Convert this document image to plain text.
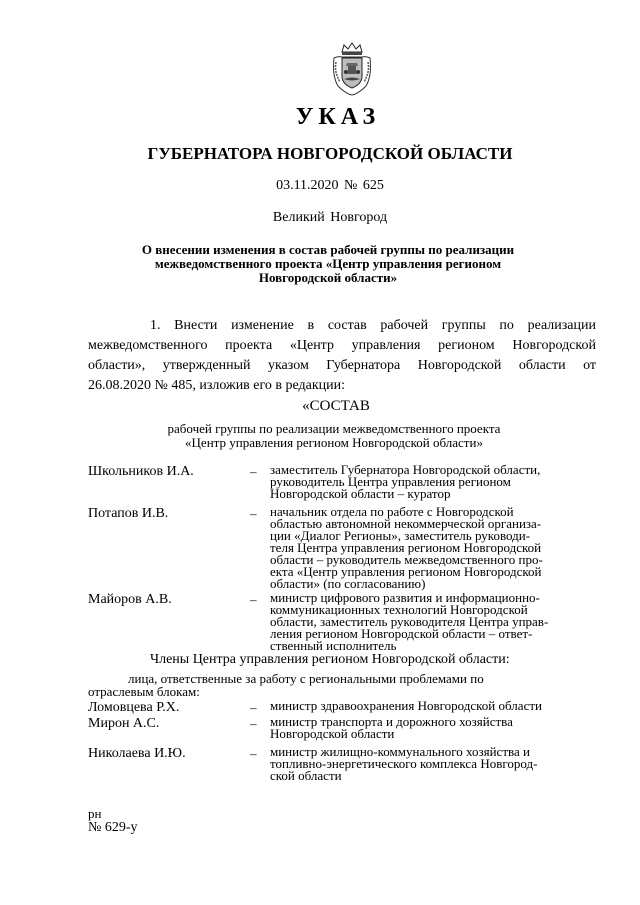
УКАЗ
ГУБЕРНАТОРА НОВГОРОДСКОЙ ОБЛАСТИ
03.11.2020 № 625
Великий Новгород
О внесении изменения в состав рабочей группы по реализации
межведомственного проекта «Центр управления регионом
Новгородской области»
1. Внести изменение в состав рабочей группы по реализации
межведомственного проекта «Центр управления регионом Новгородской
области», утвержденный указом Губернатора Новгородской области от
26.08.2020 № 485, изложив его в редакции:
«СОСТАВ
рабочей группы по реализации межведомственного проекта
«Центр управления регионом Новгородской области»
Школьников И.А.	– заместитель Губернатора Новгородской области,
руководитель Центра управления регионом
Новгородской области – куратор
Потапов И.В.	– начальник отдела по работе с Новгородской
областью автономной некоммерческой организа-
ции «Диалог Регионы», заместитель руководи-
теля Центра управления регионом Новгородской
области – руководитель межведомственного про-
екта «Центр управления регионом Новгородской
области» (по согласованию)
Майоров А.В.	– министр цифрового развития и информационно-
коммуникационных технологий Новгородской
области, заместитель руководителя Центра управ-
ления регионом Новгородской области – ответ-
ственный исполнитель
Члены Центра управления регионом Новгородской области:
лица, ответственные за работу с региональными проблемами по
отраслевым блокам:
Ломовцева Р.Х.	– министр здравоохранения Новгородской области
Мирон А.С.	– министр транспорта и дорожного хозяйства
Новгородской области
Николаева И.Ю.	– министр жилищно-коммунального хозяйства и
топливно-энергетического комплекса Новгород-
ской области
рн
№ 629-у
